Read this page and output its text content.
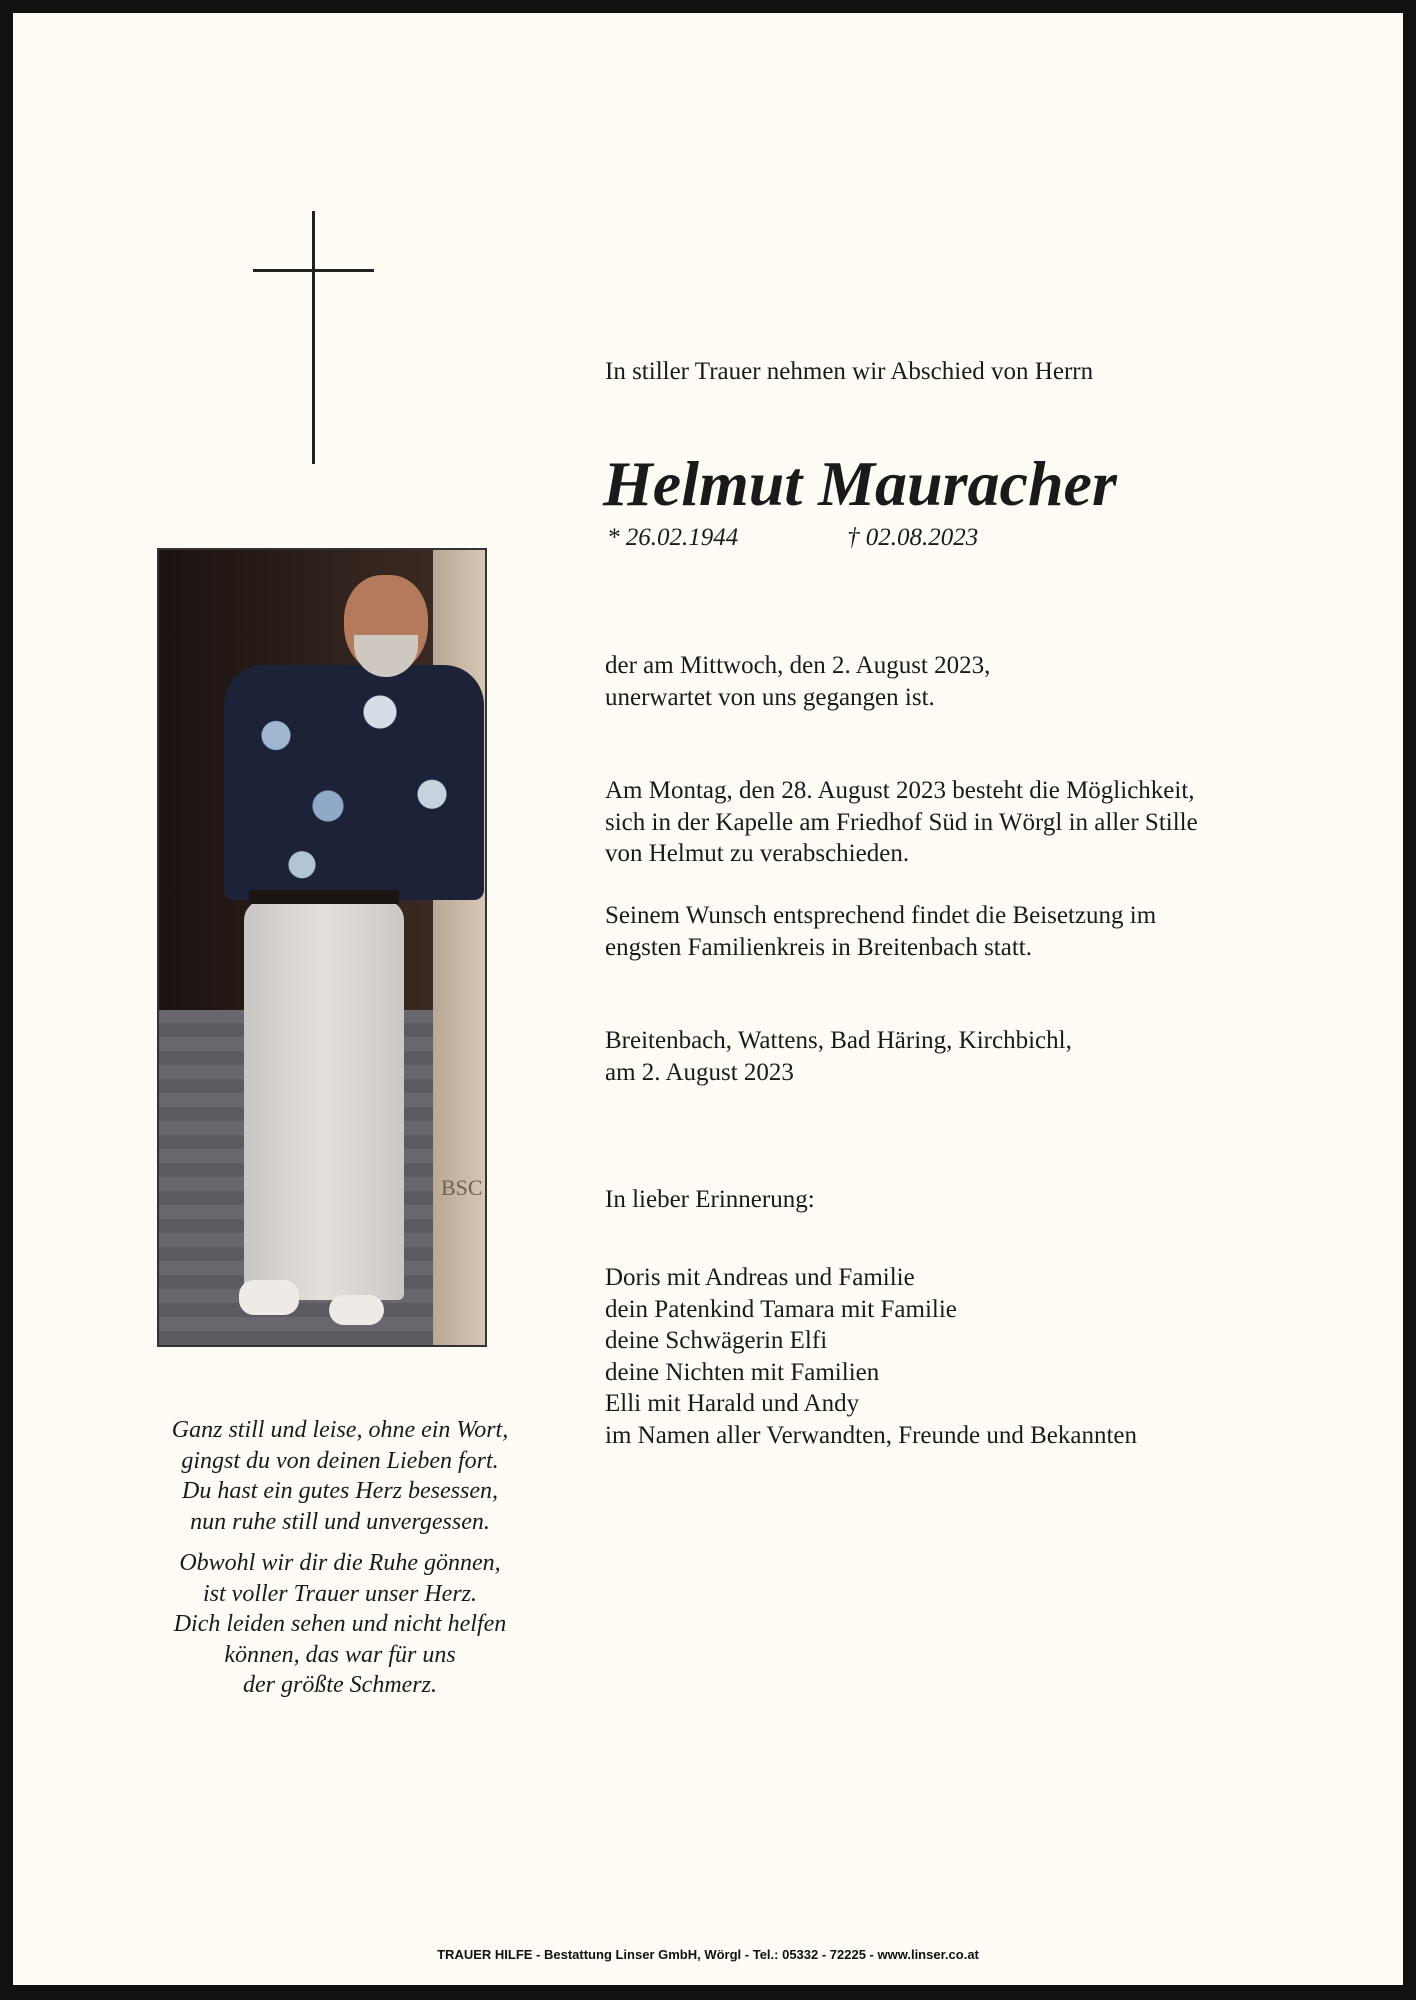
BSC

In stiller Trauer nehmen wir Abschied von Herrn

Helmut Mauracher
* 26.02.1944	† 02.08.2023
der am Mittwoch, den 2. August 2023,
unerwartet von uns gegangen ist.
Am Montag, den 28. August 2023 besteht die Möglichkeit,
sich in der Kapelle am Friedhof Süd in Wörgl in aller Stille
von Helmut zu verabschieden.
Seinem Wunsch entsprechend findet die Beisetzung im
engsten Familienkreis in Breitenbach statt.
Breitenbach, Wattens, Bad Häring, Kirchbichl,
am 2. August 2023
In lieber Erinnerung:
Doris mit Andreas und Familie
dein Patenkind Tamara mit Familie
deine Schwägerin Elfi
deine Nichten mit Familien
Elli mit Harald und Andy
im Namen aller Verwandten, Freunde und Bekannten
Ganz still und leise, ohne ein Wort,
gingst du von deinen Lieben fort.
Du hast ein gutes Herz besessen,
nun ruhe still und unvergessen.
Obwohl wir dir die Ruhe gönnen,
ist voller Trauer unser Herz.
Dich leiden sehen und nicht helfen
können, das war für uns
der größte Schmerz.
TRAUER HILFE - Bestattung Linser GmbH, Wörgl - Tel.: 05332 - 72225 - www.linser.co.at
